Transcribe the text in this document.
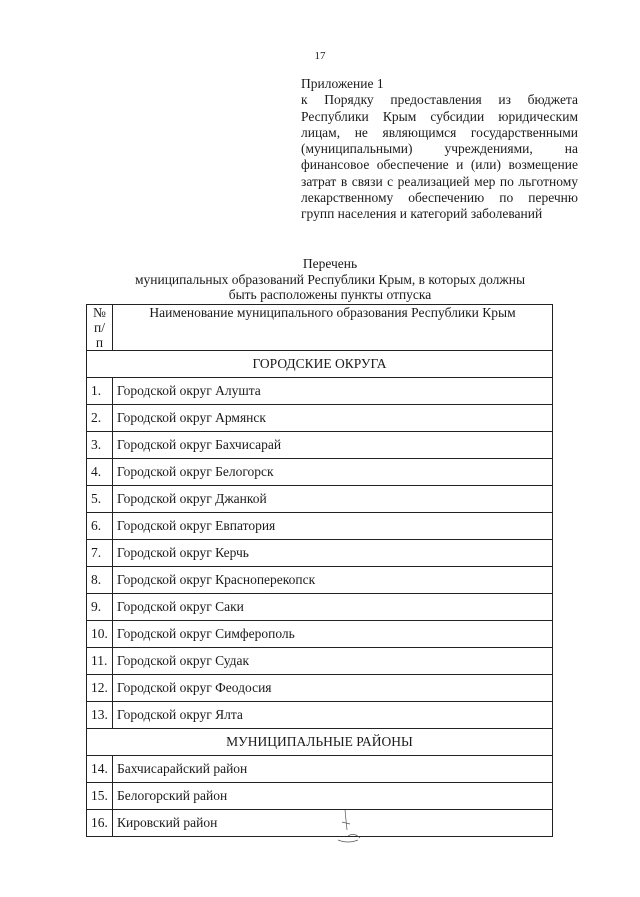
17
Приложение 1
к Порядку предоставления из бюджета Республики Крым субсидии юридическим лицам, не являющимся государственными (муниципальными) учреждениями, на финансовое обеспечение и (или) возмещение затрат в связи с реализацией мер по льготному лекарственному обеспечению по перечню групп населения и категорий заболеваний
Перечень
муниципальных образований Республики Крым, в которых должны
быть расположены пункты отпуска
№ п/п	Наименование муниципального образования Республики Крым
ГОРОДСКИЕ ОКРУГА	
1.	Городской округ Алушта
2.	Городской округ Армянск
3.	Городской округ Бахчисарай
4.	Городской округ Белогорск
5.	Городской округ Джанкой
6.	Городской округ Евпатория
7.	Городской округ Керчь
8.	Городской округ Красноперекопск
9.	Городской округ Саки
10.	Городской округ Симферополь
11.	Городской округ Судак
12.	Городской округ Феодосия
13.	Городской округ Ялта
МУНИЦИПАЛЬНЫЕ РАЙОНЫ	
14.	Бахчисарайский район
15.	Белогорский район
16.	Кировский район
